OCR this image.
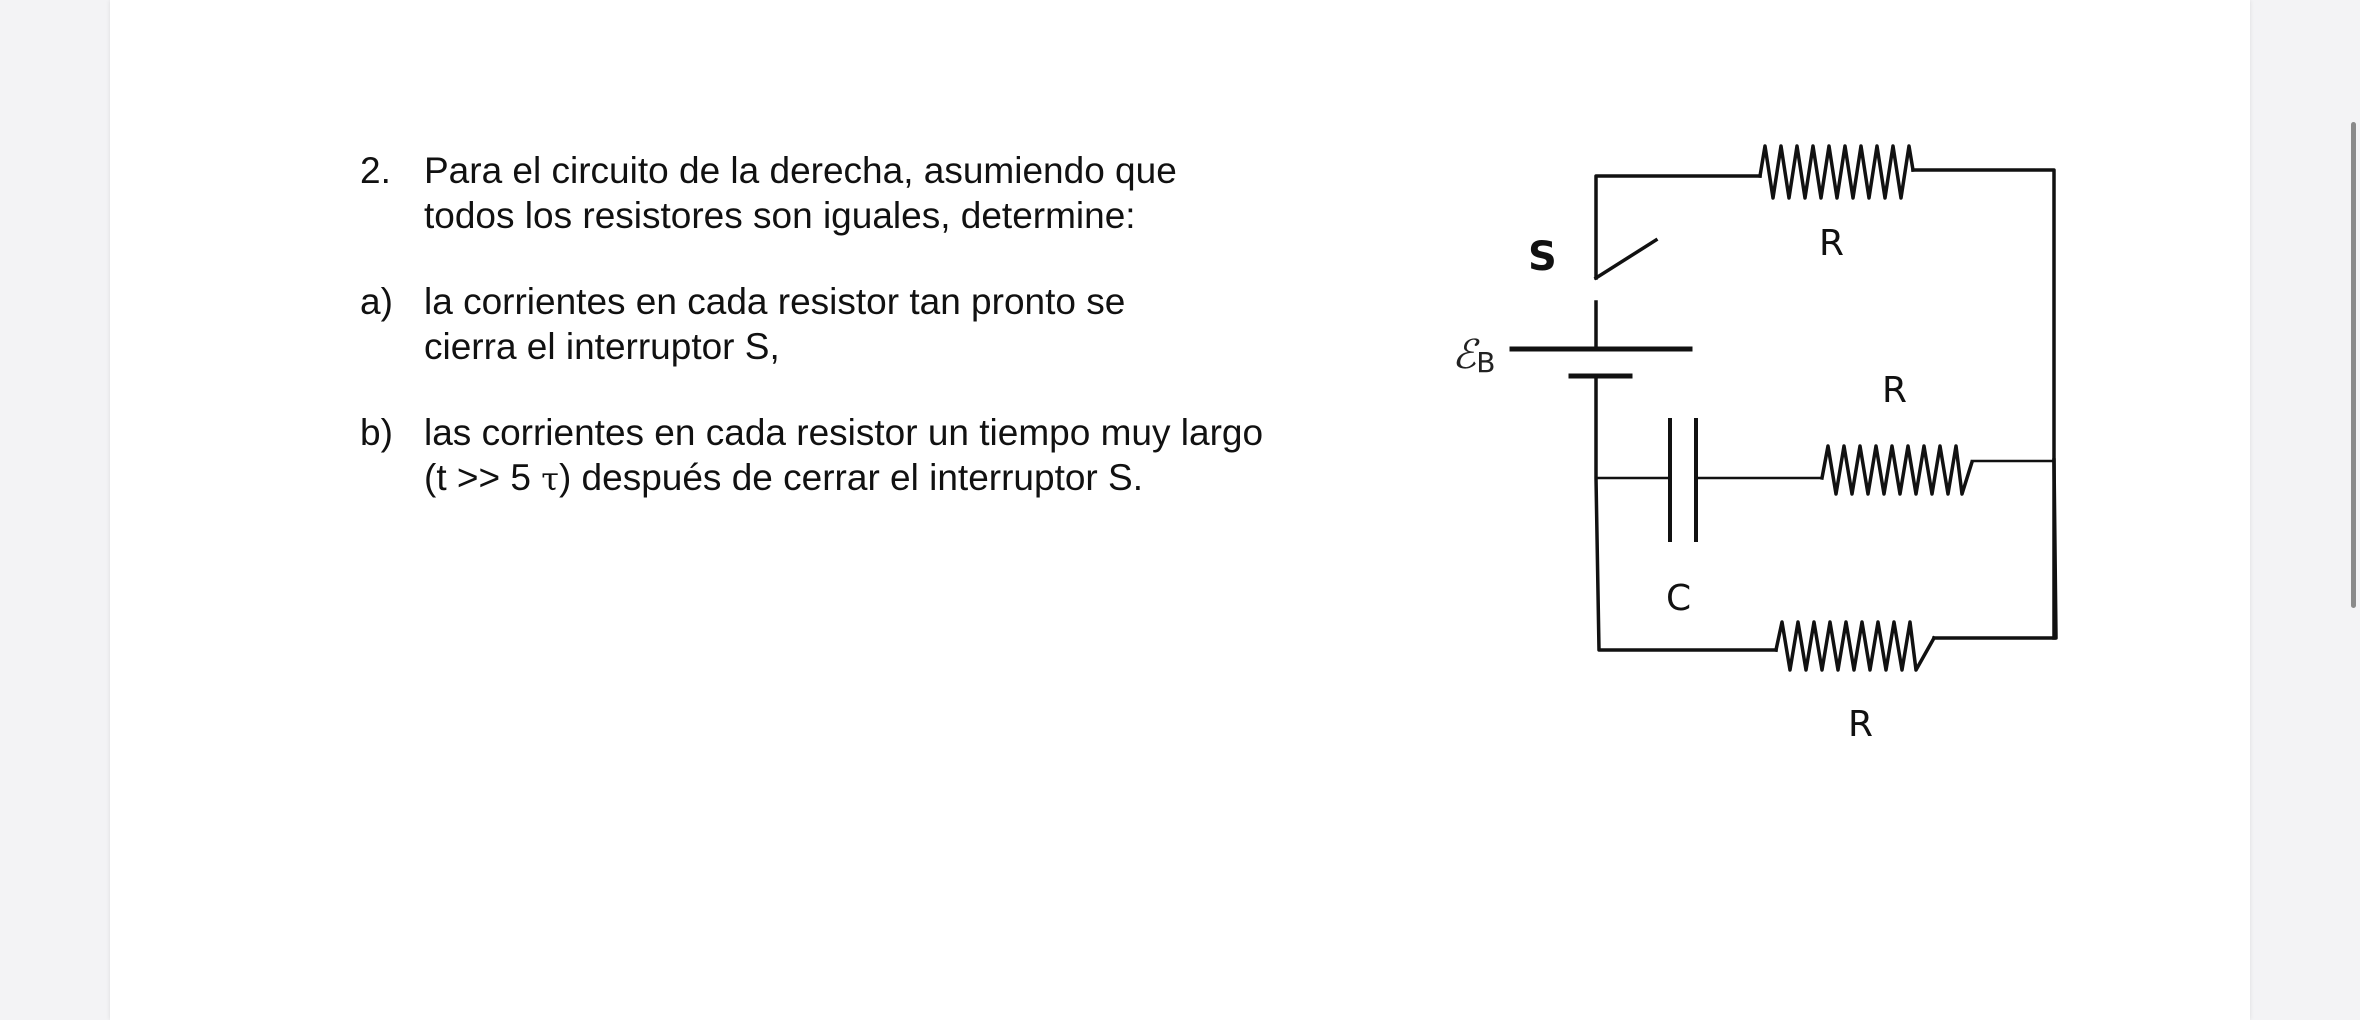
2. Para el circuito de la derecha, asumiendo que
todos los resistores son iguales, determine:
a) la corrientes en cada resistor tan pronto se
cierra el interruptor S,
b) las corrientes en cada resistor un tiempo muy largo
(t >> 5 τ) después de cerrar el interruptor S.
S	R
R
C
R
ℰB
